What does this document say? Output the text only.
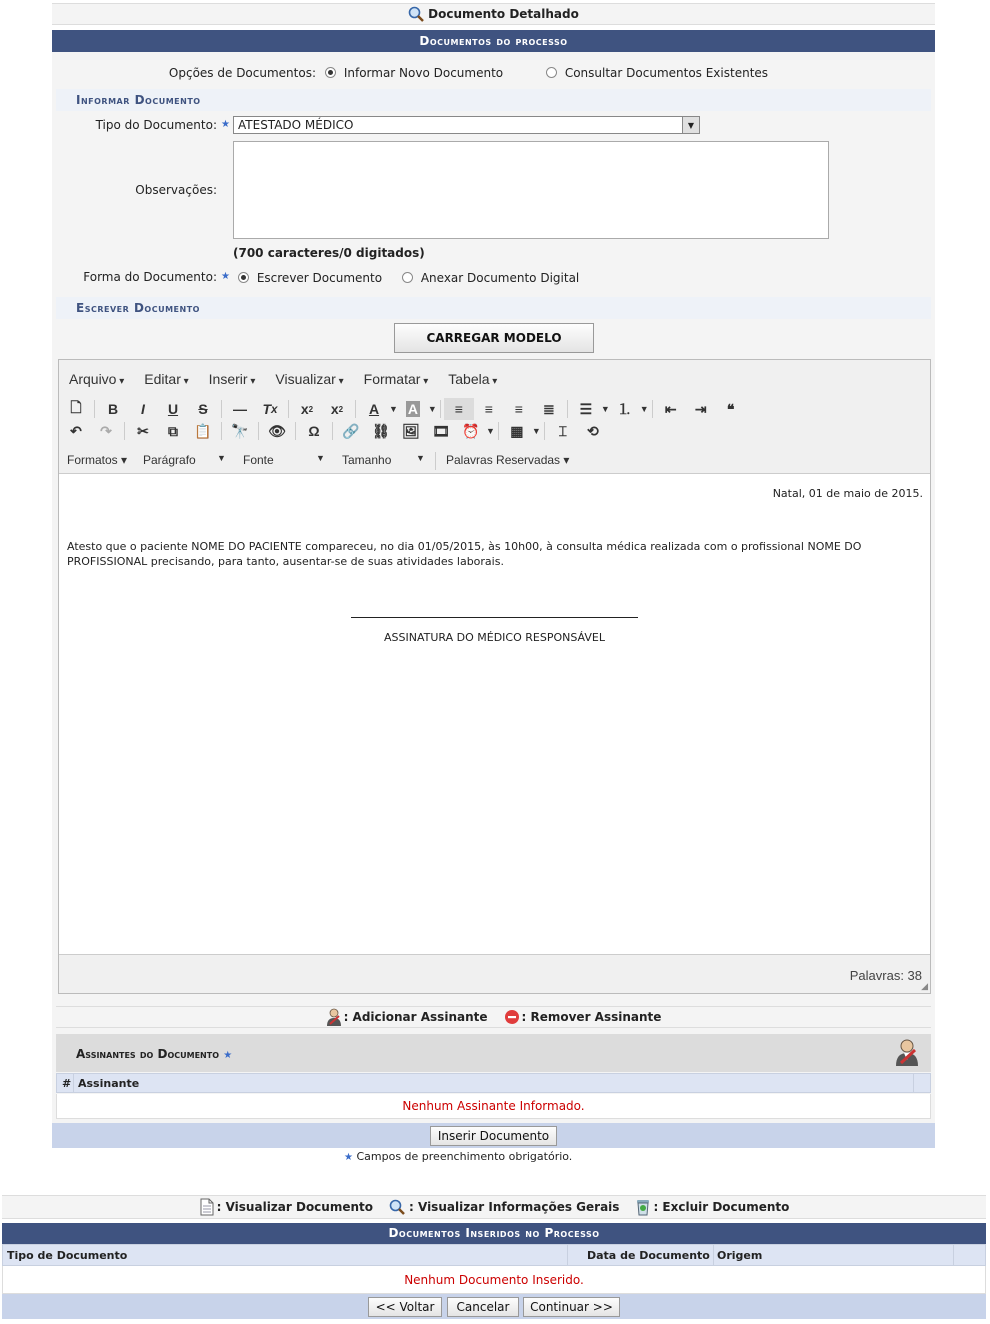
Documento Detalhado
Documentos do processo
Opções de Documentos:	Informar Novo Documento	Consultar Documentos Existentes
Informar Documento
Tipo do Documento: ★ ATESTADO MÉDICO	▼
Observações:
(700 caracteres/0 digitados)
Forma do Documento: ★	Escrever Documento	Anexar Documento Digital
Escrever Documento
CARREGAR MODELO
Arquivo ▾	Editar ▾	Inserir ▾	Visualizar ▾	Formatar ▾	Tabela ▾
🗋	B	I	U	S	—	T x	x 2	x 2	A	▼ A ▼	≡	≡	≡	≣	☰ ▼ ⒈ ▼	⇤	⇥	❝
↶	↷	✂	⧉	📋	🔭	👁	Ω	🔗 ⛓ 🖼 🎞 ⏰ ▼	▦ ▼	⌶	⟲
Formatos ▾ Parágrafo ▼ Fonte	▼ Tamanho	▼ Palavras Reservadas ▾
Natal, 01 de maio de 2015.
Atesto que o paciente NOME DO PACIENTE compareceu, no dia 01/05/2015, às 10h00, à consulta médica realizada com o profissional NOME DO PROFISSIONAL precisando, para tanto, ausentar-se de suas atividades laborais.
ASSINATURA DO MÉDICO RESPONSÁVEL
Palavras: 38
◢
: Adicionar Assinante	: Remover Assinante
Assinantes do Documento ★
# Assinante
Nenhum Assinante Informado.
Inserir Documento
★ Campos de preenchimento obrigatório.
: Visualizar Documento	: Visualizar Informações Gerais	: Excluir Documento
Documentos Inseridos no Processo
Tipo de Documento	Data de Documento Origem
Nenhum Documento Inserido.
<< Voltar	Cancelar	Continuar >>
